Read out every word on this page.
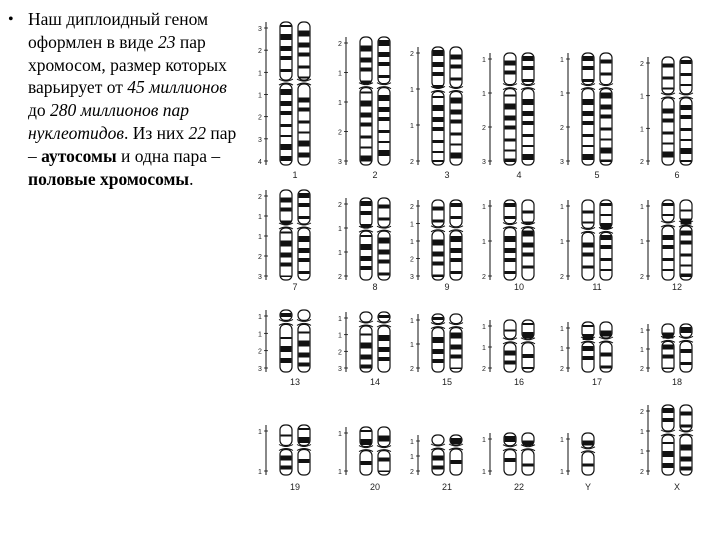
• Наш диплоидный геном оформлен в виде 23 пар хромосом, размер которых варьирует от 45 миллионов до 280 миллионов пар нуклеотидов. Из них 22 пар – аутосомы и одна пара – половые хромосомы.
3
2
1
1
2
3
4
1
2
1
1
2
3
2
2
1
1
2
3
1
1
2
3
4
1
1
2
3
5
2
1
1
2
6
2
1
1
2
3
7
2
1
1
2
8
2
1
1
2
3
9
1
1
2
10
1
1
2
11
1
1
2
12
1
1
2
3
13
1
1
2
3
14
1
1
2
15
1
1
2
16
1
1
2
17
1
1
2
18
1
1
19
1
1
20
1
1
2
21
1
1
22
1
1
Y
2
1
1
2
X
